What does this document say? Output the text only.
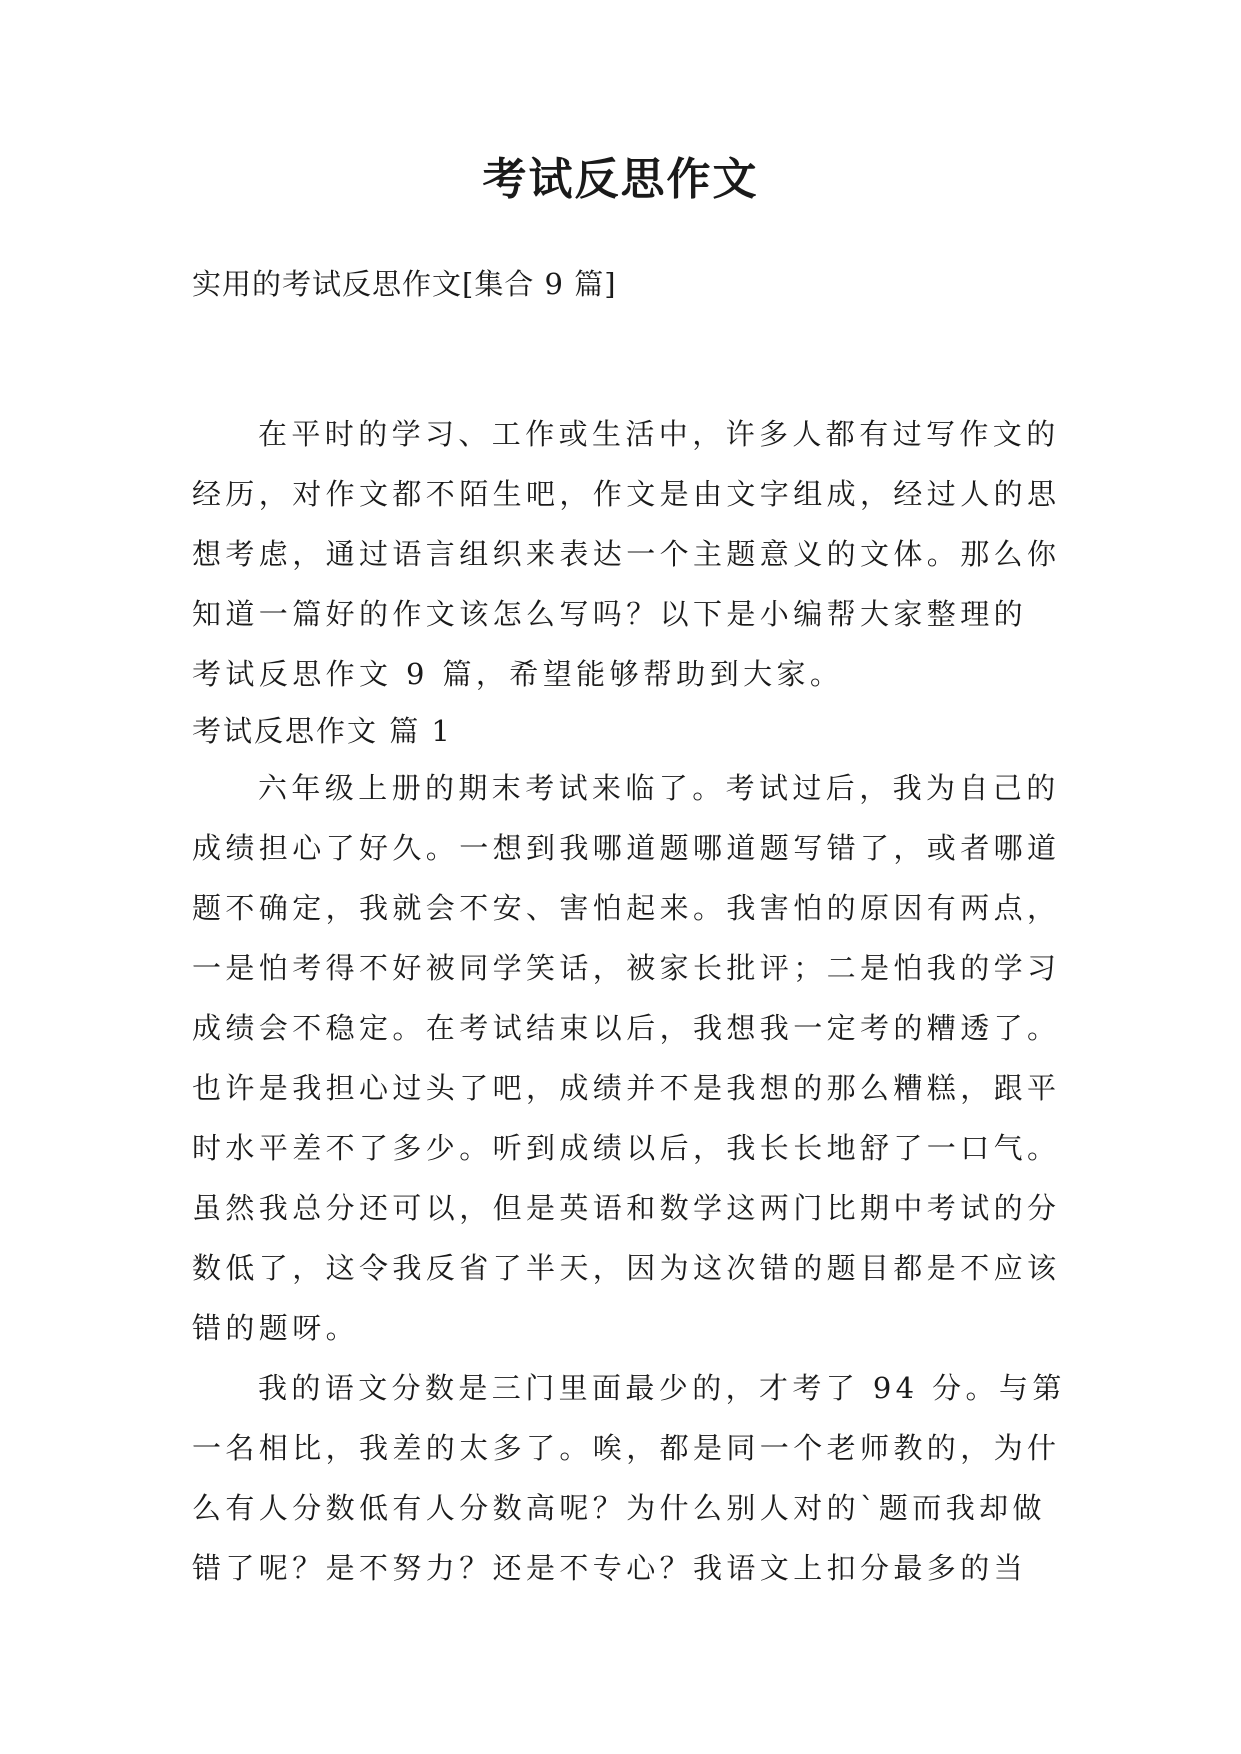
考试反思作文

实用的考试反思作文[集合 9 篇]

在平时的学习、工作或生活中，许多人都有过写作文的
经历，对作文都不陌生吧，作文是由文字组成，经过人的思
想考虑，通过语言组织来表达一个主题意义的文体。那么你
知道一篇好的作文该怎么写吗？以下是小编帮大家整理的
考试反思作文 9 篇，希望能够帮助到大家。
考试反思作文 篇 1
六年级上册的期末考试来临了。考试过后，我为自己的
成绩担心了好久。一想到我哪道题哪道题写错了，或者哪道
题不确定，我就会不安、害怕起来。我害怕的原因有两点，
一是怕考得不好被同学笑话，被家长批评；二是怕我的学习
成绩会不稳定。在考试结束以后，我想我一定考的糟透了。
也许是我担心过头了吧，成绩并不是我想的那么糟糕，跟平
时水平差不了多少。听到成绩以后，我长长地舒了一口气。
虽然我总分还可以，但是英语和数学这两门比期中考试的分
数低了，这令我反省了半天，因为这次错的题目都是不应该
错的题呀。
我的语文分数是三门里面最少的，才考了 94 分。与第
一名相比，我差的太多了。唉，都是同一个老师教的，为什
么有人分数低有人分数高呢？为什么别人对的`题而我却做
错了呢？是不努力？还是不专心？我语文上扣分最多的当
